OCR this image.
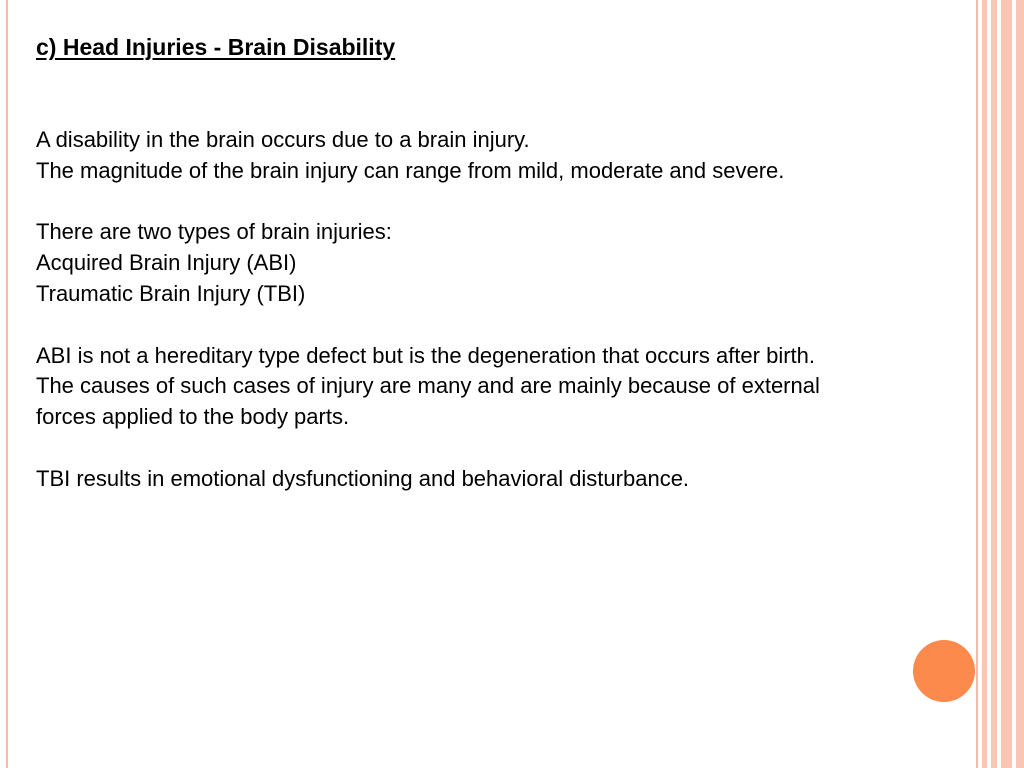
c) Head Injuries - Brain Disability
A disability in the brain occurs due to a brain injury.
The magnitude of the brain injury can range from mild, moderate and severe.
There are two types of brain injuries:
Acquired Brain Injury (ABI)
Traumatic Brain Injury (TBI)
ABI is not a hereditary type defect but is the degeneration that occurs after birth.
The causes of such cases of injury are many and are mainly because of external
forces applied to the body parts.
TBI results in emotional dysfunctioning and behavioral disturbance.
